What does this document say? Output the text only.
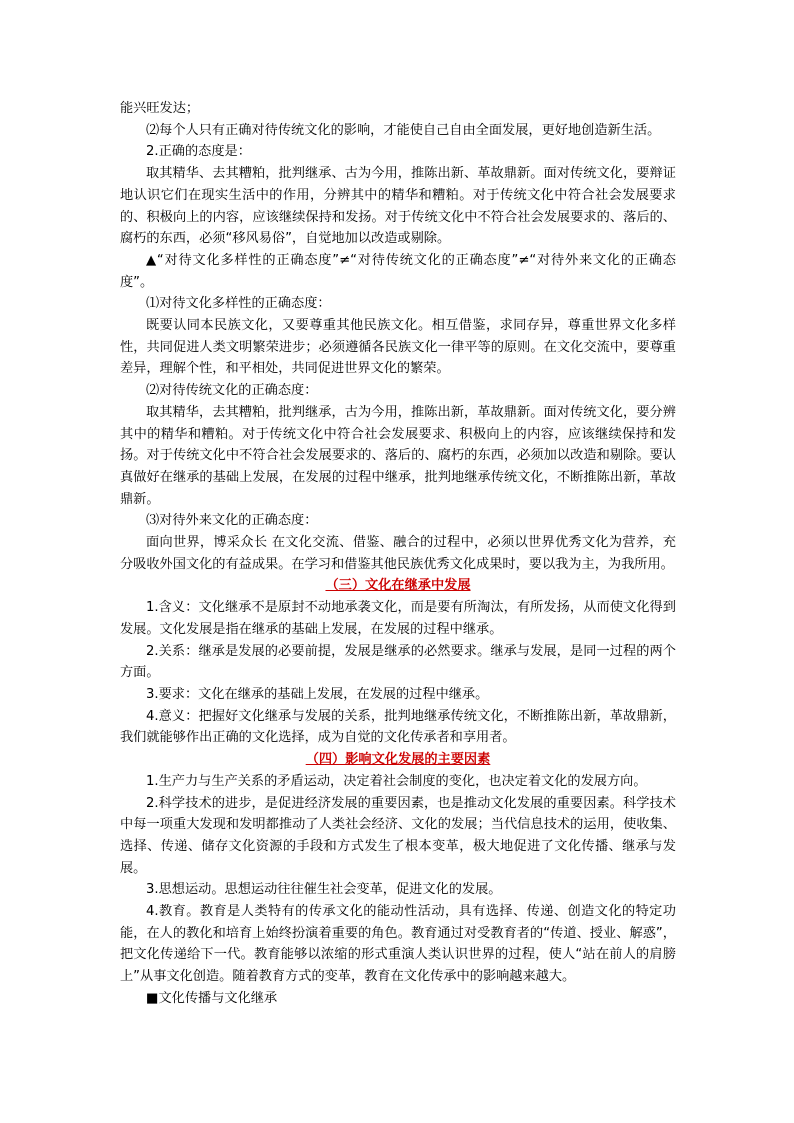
能兴旺发达；

⑵每个人只有正确对待传统文化的影响，才能使自己自由全面发展，更好地创造新生活。

2.正确的态度是：

取其精华、去其糟粕，批判继承、古为今用，推陈出新、革故鼎新。面对传统文化，要辩证地认识它们在现实生活中的作用，分辨其中的精华和糟粕。对于传统文化中符合社会发展要求的、积极向上的内容，应该继续保持和发扬。对于传统文化中不符合社会发展要求的、落后的、腐朽的东西，必须“移风易俗”，自觉地加以改造或剔除。

▲“对待文化多样性的正确态度”≠“对待传统文化的正确态度”≠“对待外来文化的正确态度”。

⑴对待文化多样性的正确态度：

既要认同本民族文化，又要尊重其他民族文化。相互借鉴，求同存异，尊重世界文化多样性，共同促进人类文明繁荣进步；必须遵循各民族文化一律平等的原则。在文化交流中，要尊重差异，理解个性，和平相处，共同促进世界文化的繁荣。

⑵对待传统文化的正确态度：

取其精华，去其糟粕，批判继承，古为今用，推陈出新，革故鼎新。面对传统文化，要分辨其中的精华和糟粕。对于传统文化中符合社会发展要求、积极向上的内容，应该继续保持和发扬。对于传统文化中不符合社会发展要求的、落后的、腐朽的东西，必须加以改造和剔除。要认真做好在继承的基础上发展，在发展的过程中继承，批判地继承传统文化，不断推陈出新，革故鼎新。

⑶对待外来文化的正确态度：

面向世界，博采众长 在文化交流、借鉴、融合的过程中，必须以世界优秀文化为营养，充分吸收外国文化的有益成果。在学习和借鉴其他民族优秀文化成果时，要以我为主，为我所用。

（三）文化在继承中发展

1.含义：文化继承不是原封不动地承袭文化，而是要有所淘汰，有所发扬，从而使文化得到发展。文化发展是指在继承的基础上发展，在发展的过程中继承。

2.关系：继承是发展的必要前提，发展是继承的必然要求。继承与发展，是同一过程的两个方面。

3.要求：文化在继承的基础上发展，在发展的过程中继承。

4.意义：把握好文化继承与发展的关系，批判地继承传统文化，不断推陈出新，革故鼎新，我们就能够作出正确的文化选择，成为自觉的文化传承者和享用者。

（四）影响文化发展的主要因素

1.生产力与生产关系的矛盾运动，决定着社会制度的变化，也决定着文化的发展方向。

2.科学技术的进步，是促进经济发展的重要因素，也是推动文化发展的重要因素。科学技术中每一项重大发现和发明都推动了人类社会经济、文化的发展；当代信息技术的运用，使收集、选择、传递、储存文化资源的手段和方式发生了根本变革，极大地促进了文化传播、继承与发展。

3.思想运动。思想运动往往催生社会变革，促进文化的发展。

4.教育。教育是人类特有的传承文化的能动性活动，具有选择、传递、创造文化的特定功能，在人的教化和培育上始终扮演着重要的角色。教育通过对受教育者的“传道、授业、解惑”，把文化传递给下一代。教育能够以浓缩的形式重演人类认识世界的过程，使人“站在前人的肩膀上”从事文化创造。随着教育方式的变革，教育在文化传承中的影响越来越大。

■文化传播与文化继承
